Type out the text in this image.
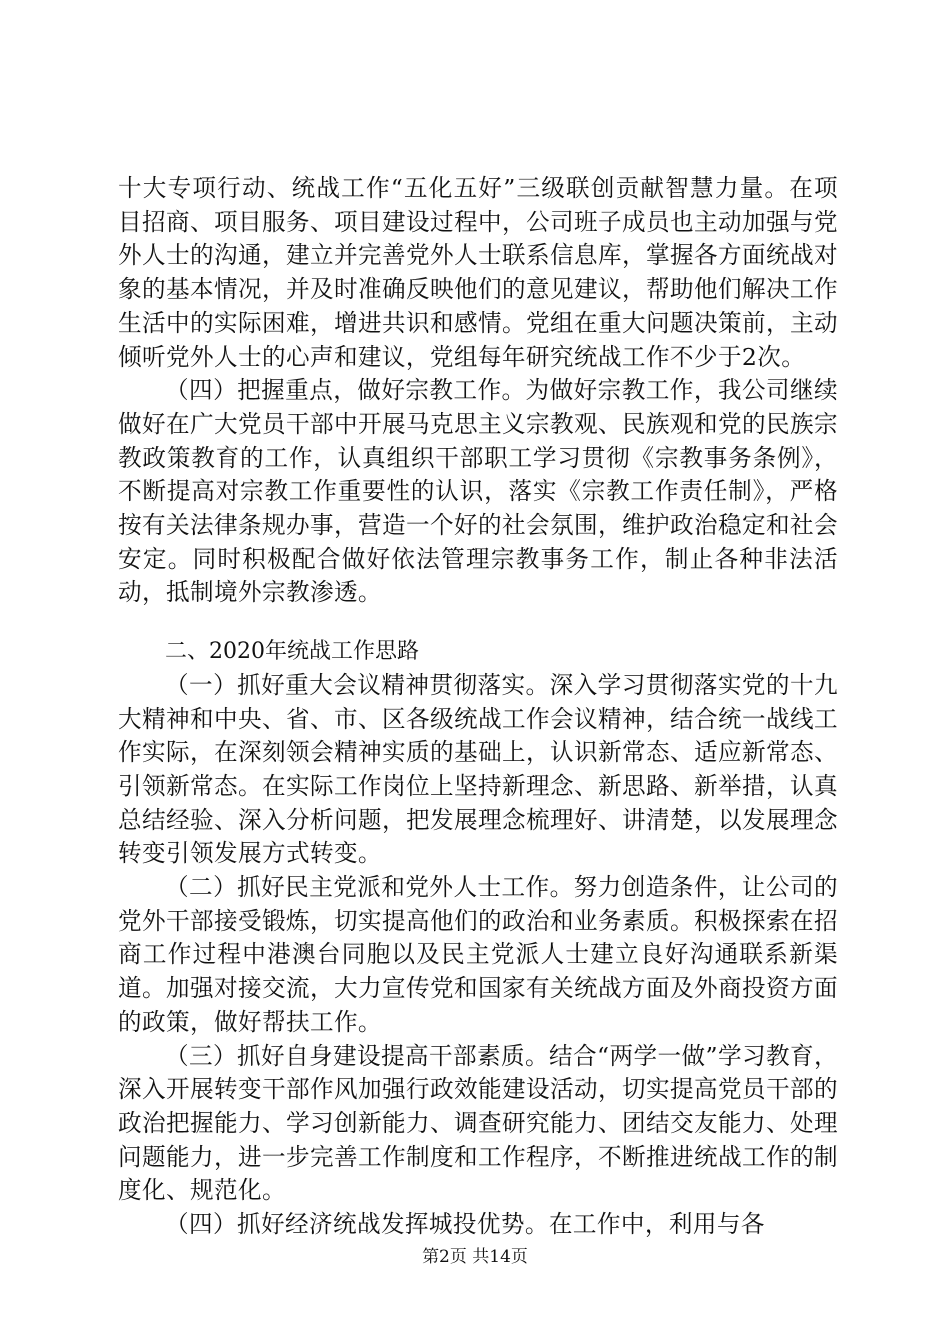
十大专项行动、统战工作“五化五好”三级联创贡献智慧力量。在项目招商、项目服务、项目建设过程中，公司班子成员也主动加强与党外人士的沟通，建立并完善党外人士联系信息库，掌握各方面统战对象的基本情况，并及时准确反映他们的意见建议，帮助他们解决工作生活中的实际困难，增进共识和感情。党组在重大问题决策前，主动倾听党外人士的心声和建议，党组每年研究统战工作不少于2次。

（四）把握重点，做好宗教工作。为做好宗教工作，我公司继续做好在广大党员干部中开展马克思主义宗教观、民族观和党的民族宗教政策教育的工作，认真组织干部职工学习贯彻《宗教事务条例》，不断提高对宗教工作重要性的认识，落实《宗教工作责任制》，严格按有关法律条规办事，营造一个好的社会氛围，维护政治稳定和社会安定。同时积极配合做好依法管理宗教事务工作，制止各种非法活动，抵制境外宗教渗透。

二、2020年统战工作思路

（一）抓好重大会议精神贯彻落实。深入学习贯彻落实党的十九大精神和中央、省、市、区各级统战工作会议精神，结合统一战线工作实际，在深刻领会精神实质的基础上，认识新常态、适应新常态、引领新常态。在实际工作岗位上坚持新理念、新思路、新举措，认真总结经验、深入分析问题，把发展理念梳理好、讲清楚，以发展理念转变引领发展方式转变。

（二）抓好民主党派和党外人士工作。努力创造条件，让公司的党外干部接受锻炼，切实提高他们的政治和业务素质。积极探索在招商工作过程中港澳台同胞以及民主党派人士建立良好沟通联系新渠道。加强对接交流，大力宣传党和国家有关统战方面及外商投资方面的政策，做好帮扶工作。

（三）抓好自身建设提高干部素质。结合“两学一做”学习教育，深入开展转变干部作风加强行政效能建设活动，切实提高党员干部的政治把握能力、学习创新能力、调查研究能力、团结交友能力、处理问题能力，进一步完善工作制度和工作程序，不断推进统战工作的制度化、规范化。

（四）抓好经济统战发挥城投优势。在工作中，利用与各

第2页 共14页
